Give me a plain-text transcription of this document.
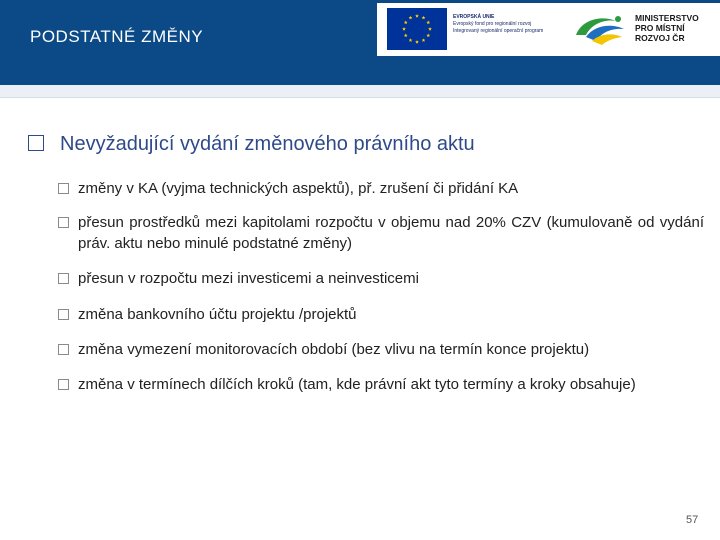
PODSTATNÉ ZMĚNY
EVROPSKÁ UNIE
Evropský fond pro regionální rozvoj
Integrovaný regionální operační program
MINISTERSTVO
PRO MÍSTNÍ
ROZVOJ ČR
Nevyžadující vydání změnového právního aktu
změny v KA (vyjma technických aspektů), př. zrušení či přidání KA
přesun prostředků mezi kapitolami rozpočtu v objemu nad 20% CZV (kumulovaně od vydání práv. aktu nebo minulé podstatné změny)
přesun v rozpočtu mezi investicemi a neinvesticemi
změna bankovního účtu projektu /projektů
změna vymezení monitorovacích období (bez vlivu na termín konce projektu)
změna v termínech dílčích kroků (tam, kde právní akt tyto termíny a kroky obsahuje)
57
